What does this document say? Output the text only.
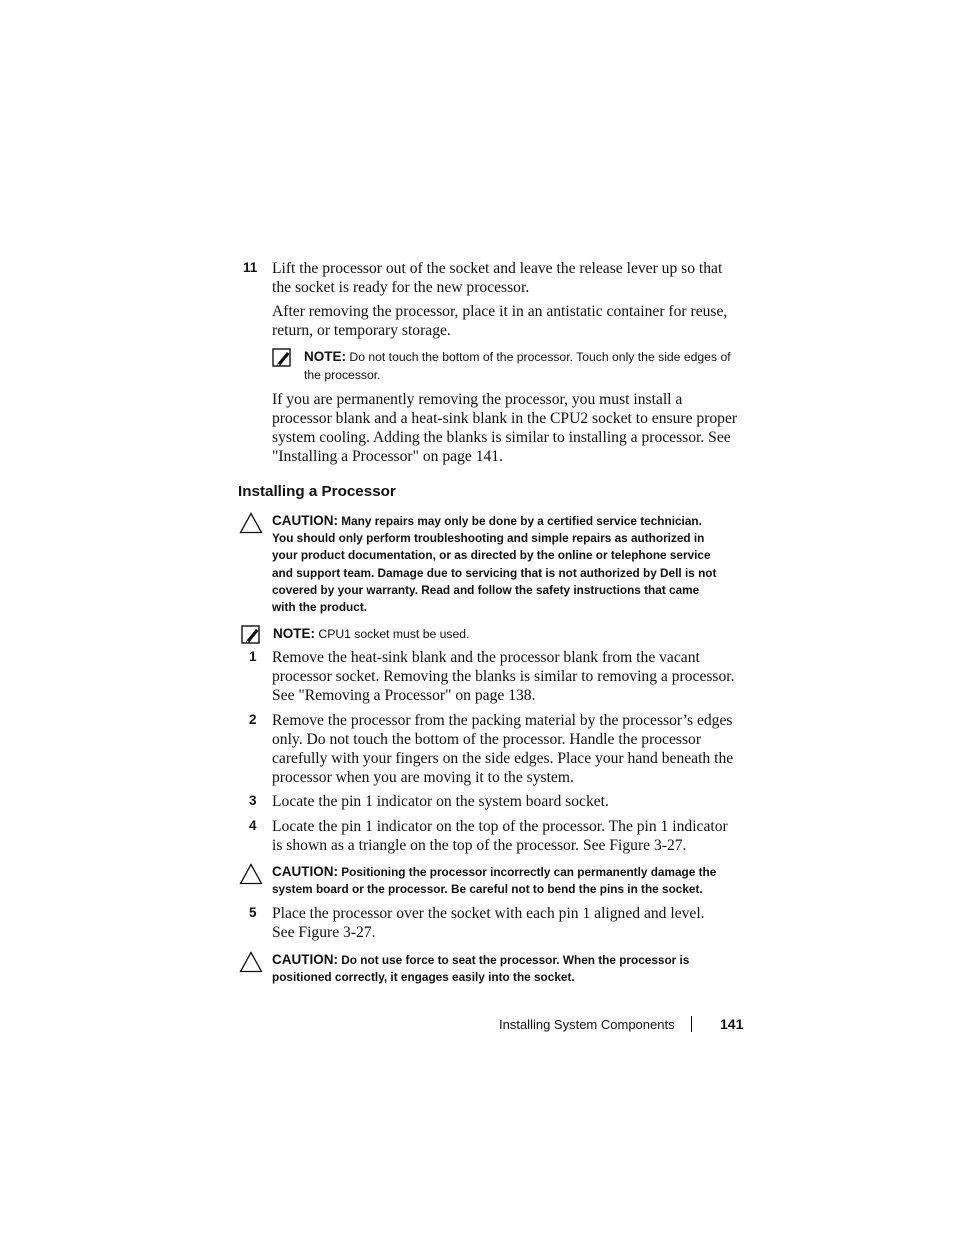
11 Lift the processor out of the socket and leave the release lever up so that the socket is ready for the new processor.
After removing the processor, place it in an antistatic container for reuse, return, or temporary storage.
NOTE: Do not touch the bottom of the processor. Touch only the side edges of the processor.
If you are permanently removing the processor, you must install a processor blank and a heat-sink blank in the CPU2 socket to ensure proper system cooling. Adding the blanks is similar to installing a processor. See "Installing a Processor" on page 141.
Installing a Processor
CAUTION: Many repairs may only be done by a certified service technician. You should only perform troubleshooting and simple repairs as authorized in your product documentation, or as directed by the online or telephone service and support team. Damage due to servicing that is not authorized by Dell is not covered by your warranty. Read and follow the safety instructions that came with the product.
NOTE: CPU1 socket must be used.
1 Remove the heat-sink blank and the processor blank from the vacant processor socket. Removing the blanks is similar to removing a processor. See "Removing a Processor" on page 138.
2 Remove the processor from the packing material by the processor’s edges only. Do not touch the bottom of the processor. Handle the processor carefully with your fingers on the side edges. Place your hand beneath the processor when you are moving it to the system.
3 Locate the pin 1 indicator on the system board socket.
4 Locate the pin 1 indicator on the top of the processor. The pin 1 indicator is shown as a triangle on the top of the processor. See Figure 3-27.
CAUTION: Positioning the processor incorrectly can permanently damage the system board or the processor. Be careful not to bend the pins in the socket.
5 Place the processor over the socket with each pin 1 aligned and level. See Figure 3-27.
CAUTION: Do not use force to seat the processor. When the processor is positioned correctly, it engages easily into the socket.
Installing System Components	141
